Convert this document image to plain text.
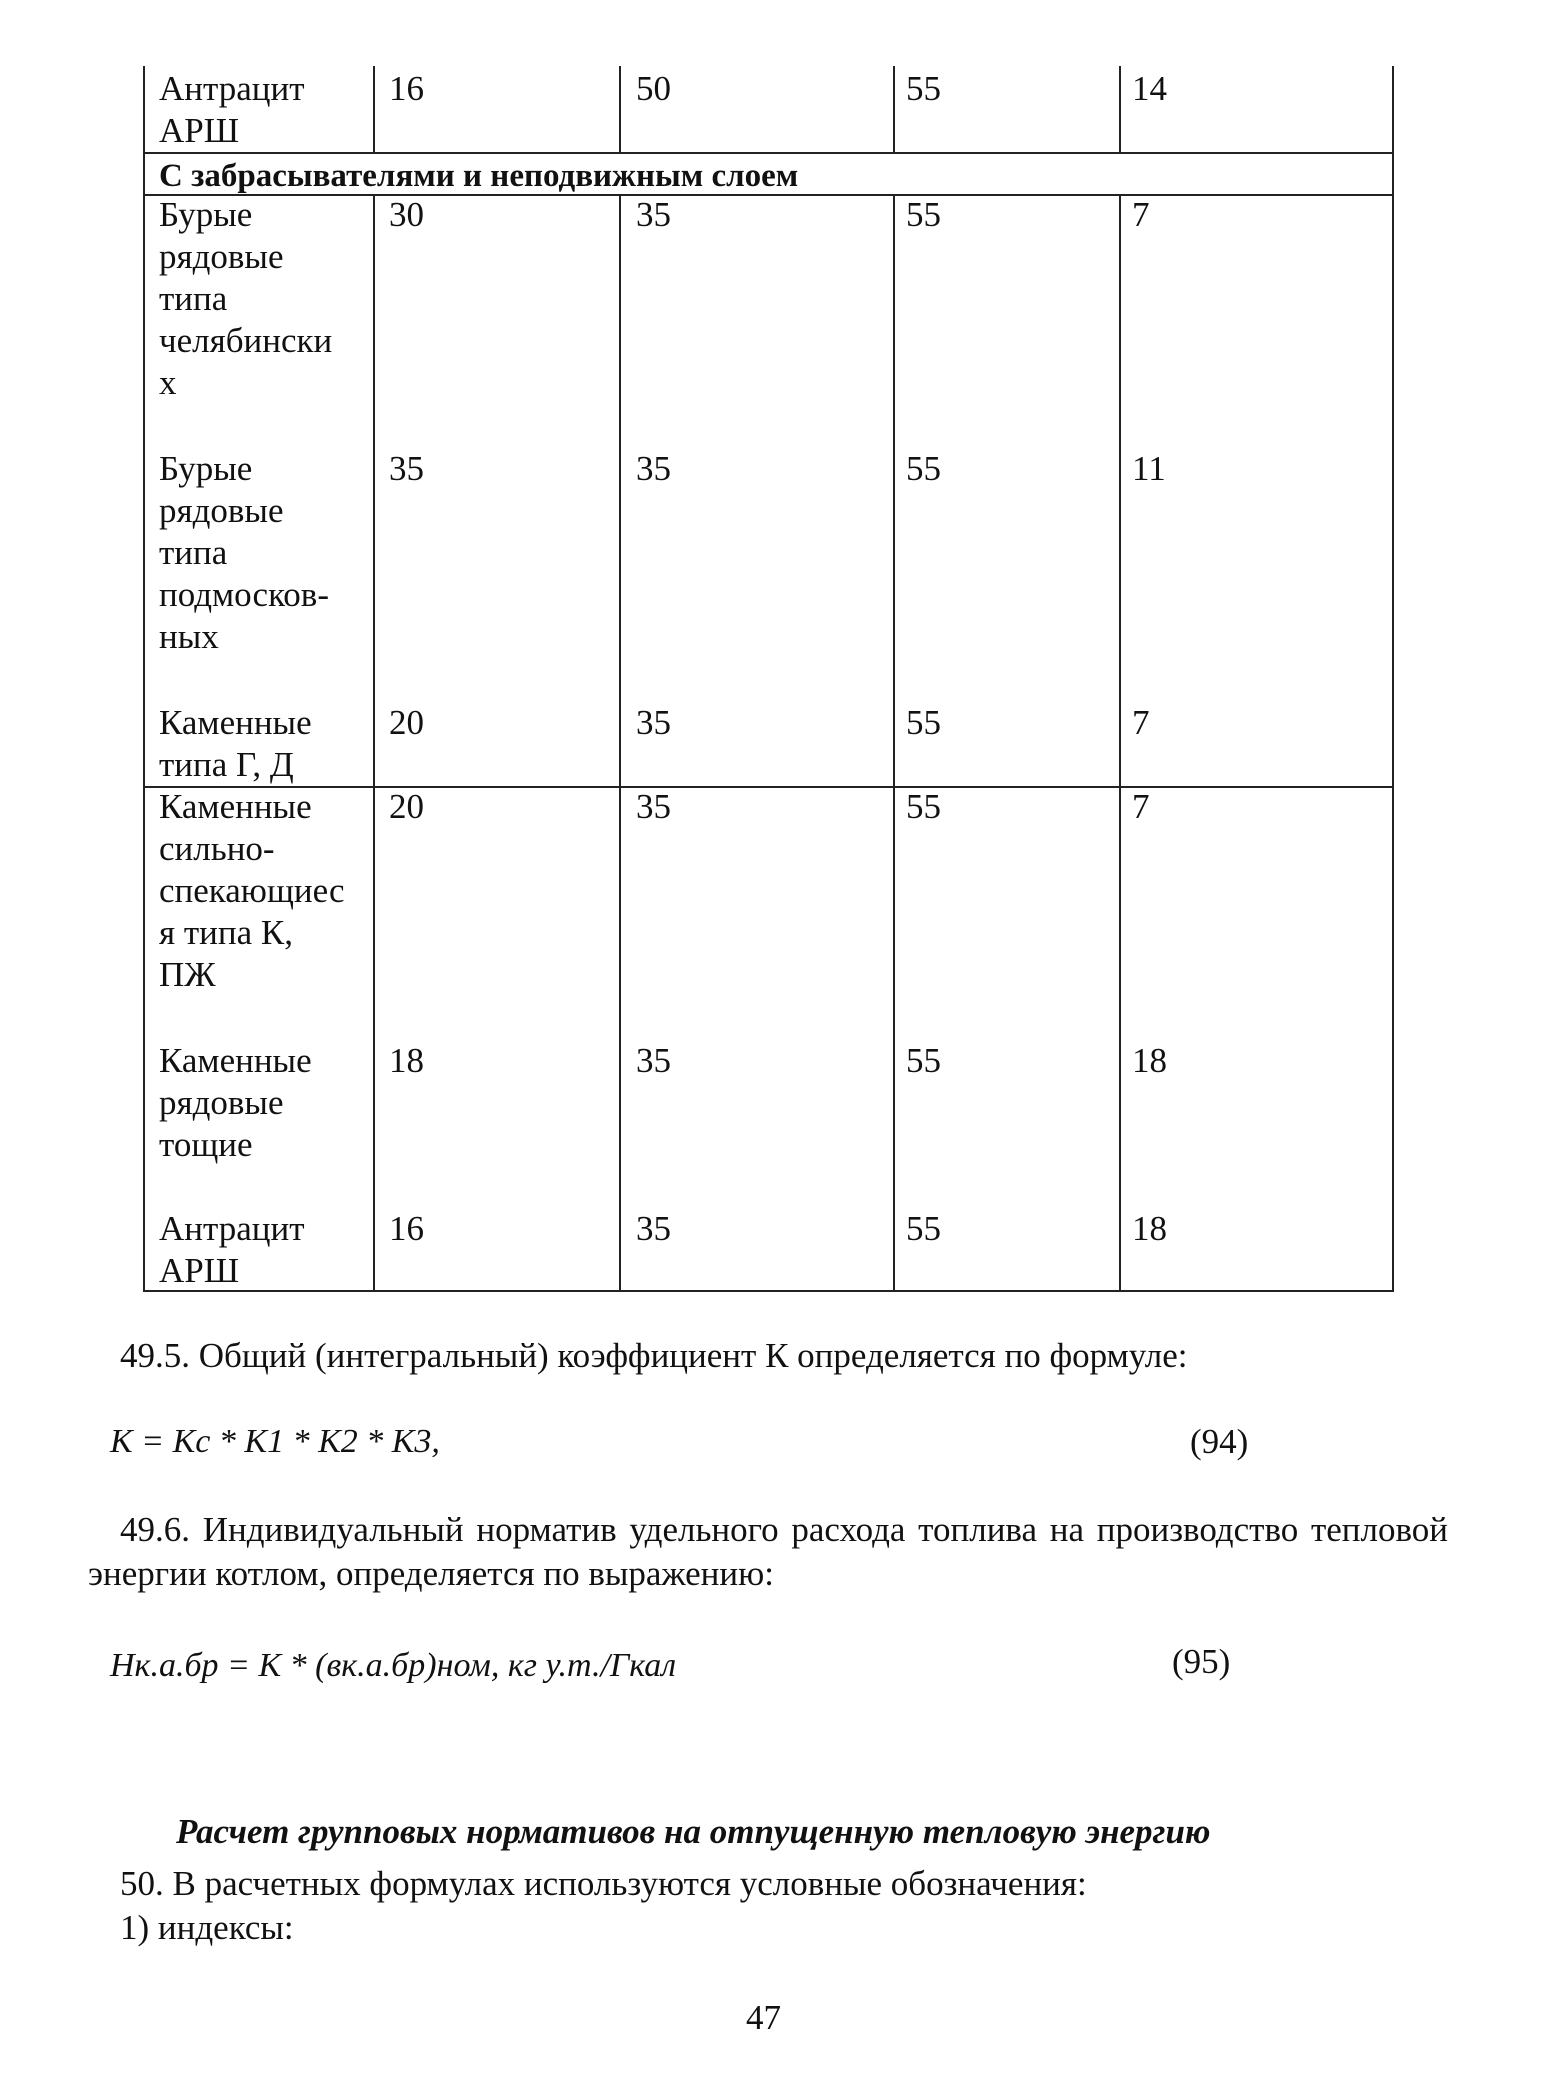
Антрацит
АРШ
16	50	55	14
С забрасывателями и неподвижным слоем
Бурые
рядовые
типа
челябински
х
30	35	55	7
Бурые
рядовые
типа
подмосков-
ных
35	35	55	11
Каменные
типа Г, Д
20	35	55	7
Каменные
сильно-
спекающиес
я типа К,
ПЖ
20	35	55	7
Каменные
рядовые
тощие
18	35	55	18
Антрацит
АРШ
16	35	55	18
49.5. Общий (интегральный) коэффициент К определяется по формуле:
K = Kc * K1 * K2 * K3,	(94)
49.6. Индивидуальный норматив удельного расхода топлива на производство тепловой энергии котлом, определяется по выражению:
Hк.а.бр = K * (вк.а.бр)ном, кг у.т./Гкал	(95)
Расчет групповых нормативов на отпущенную тепловую энергию
50. В расчетных формулах используются условные обозначения:
1) индексы:
47
